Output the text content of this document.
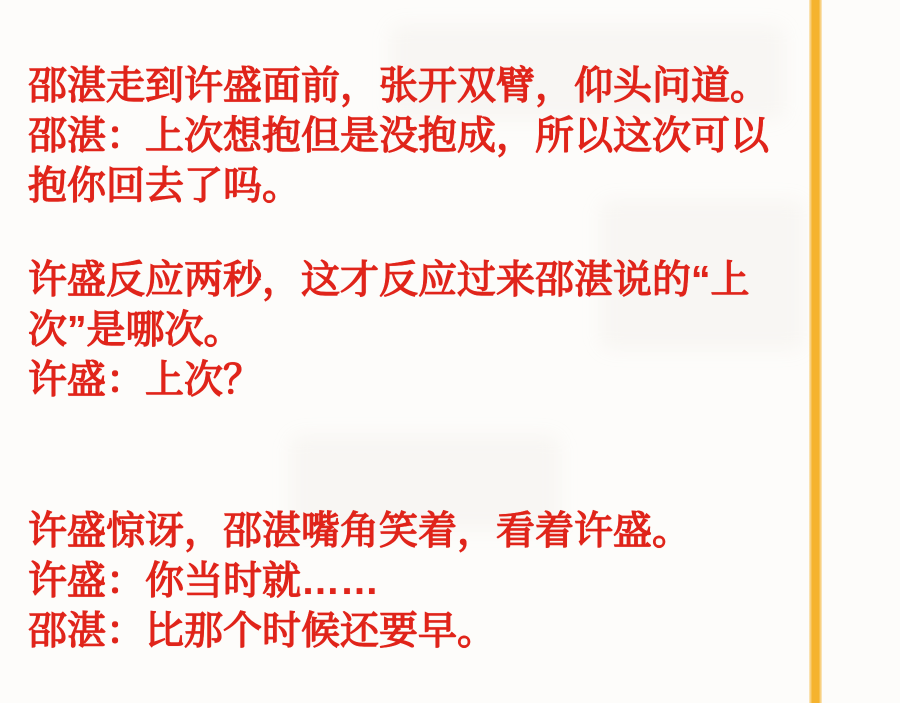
邵湛走到许盛面前，张开双臂，仰头问道。
邵湛：上次想抱但是没抱成，所以这次可以
抱你回去了吗。

许盛反应两秒，这才反应过来邵湛说的“上
次”是哪次。
许盛：上次？

许盛惊讶，邵湛嘴角笑着，看着许盛。
许盛：你当时就……
邵湛：比那个时候还要早。
